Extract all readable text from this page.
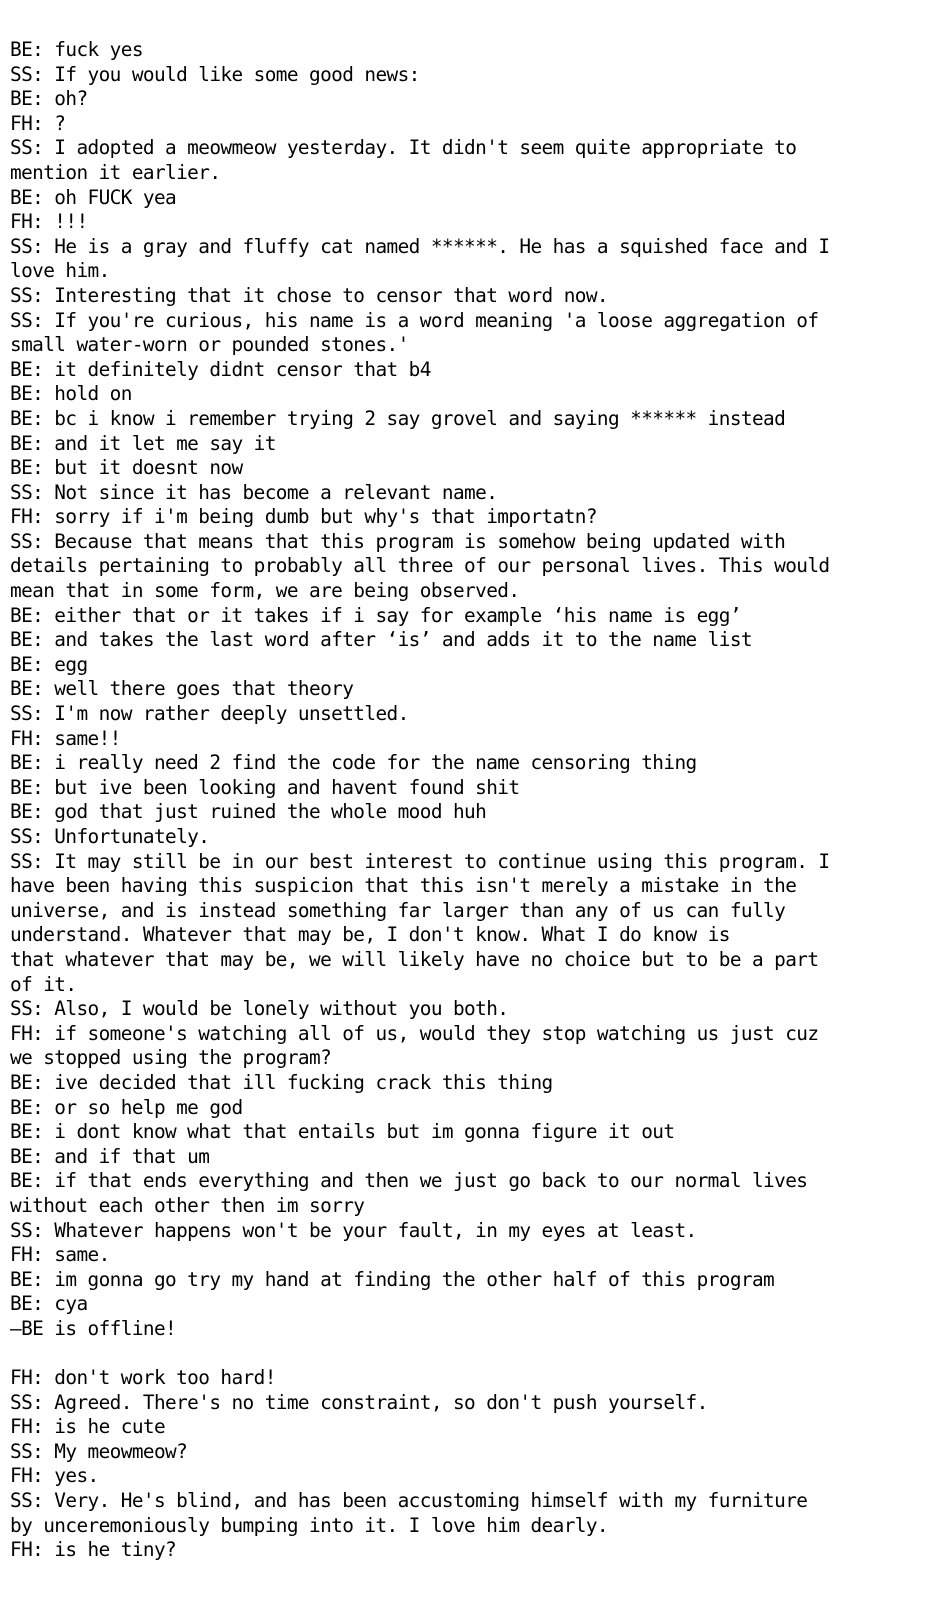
BE: fuck yes
SS: If you would like some good news:
BE: oh?
FH: ?
SS: I adopted a meowmeow yesterday. It didn't seem quite appropriate to
mention it earlier.
BE: oh FUCK yea
FH: !!!
SS: He is a gray and fluffy cat named ******. He has a squished face and I
love him.
SS: Interesting that it chose to censor that word now.
SS: If you're curious, his name is a word meaning 'a loose aggregation of
small water-worn or pounded stones.'
BE: it definitely didnt censor that b4
BE: hold on
BE: bc i know i remember trying 2 say grovel and saying ****** instead
BE: and it let me say it
BE: but it doesnt now
SS: Not since it has become a relevant name.
FH: sorry if i'm being dumb but why's that importatn?
SS: Because that means that this program is somehow being updated with
details pertaining to probably all three of our personal lives. This would
mean that in some form, we are being observed.
BE: either that or it takes if i say for example ‘his name is egg’
BE: and takes the last word after ‘is’ and adds it to the name list
BE: egg
BE: well there goes that theory
SS: I'm now rather deeply unsettled.
FH: same!!
BE: i really need 2 find the code for the name censoring thing
BE: but ive been looking and havent found shit
BE: god that just ruined the whole mood huh
SS: Unfortunately.
SS: It may still be in our best interest to continue using this program. I
have been having this suspicion that this isn't merely a mistake in the
universe, and is instead something far larger than any of us can fully
understand. Whatever that may be, I don't know. What I do know is
that whatever that may be, we will likely have no choice but to be a part
of it.
SS: Also, I would be lonely without you both.
FH: if someone's watching all of us, would they stop watching us just cuz
we stopped using the program?
BE: ive decided that ill fucking crack this thing
BE: or so help me god
BE: i dont know what that entails but im gonna figure it out
BE: and if that um
BE: if that ends everything and then we just go back to our normal lives
without each other then im sorry
SS: Whatever happens won't be your fault, in my eyes at least.
FH: same.
BE: im gonna go try my hand at finding the other half of this program
BE: cya
–BE is offline!
FH: don't work too hard!
SS: Agreed. There's no time constraint, so don't push yourself.
FH: is he cute
SS: My meowmeow?
FH: yes.
SS: Very. He's blind, and has been accustoming himself with my furniture
by unceremoniously bumping into it. I love him dearly.
FH: is he tiny?
